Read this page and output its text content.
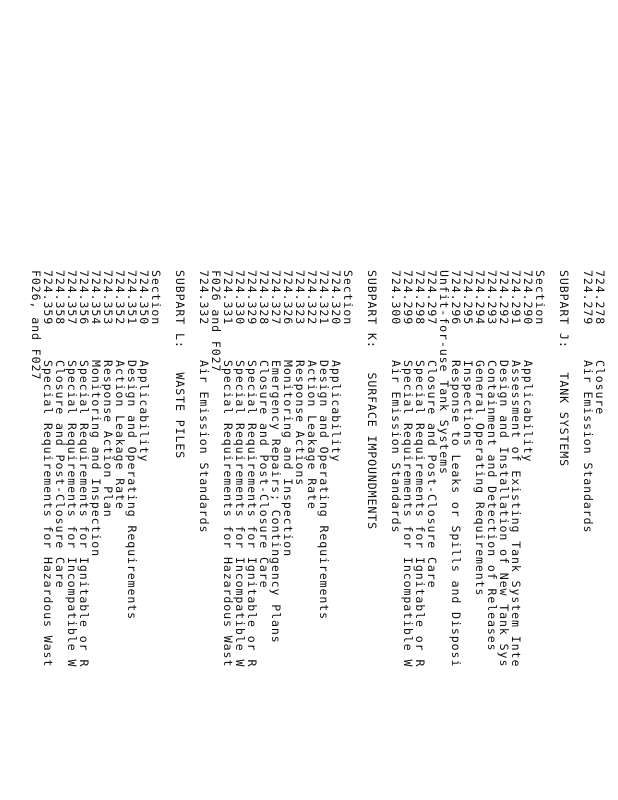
724.278Closure
724.279Air Emission Standards
SUBPART J:   TANK SYSTEMS
Section
724.290Applicability
724.291Assessment of Existing Tank System Inte
724.292Design and Installation of New Tank Sys
724.293Containment and Detection of Releases
724.294General Operating Requirements
724.295Inspections
724.296Response to Leaks or Spills and Disposi
Unfit-for-use Tank Systems
724.297Closure and Post-Closure Care
724.298Special Requirements for Ignitable or R
724.299Special Requirements for Incompatible W
724.300Air Emission Standards
SUBPART K:   SURFACE IMPOUNDMENTS
Section
724.320Applicability
724.321Design and Operating Requirements
724.322Action Leakage Rate
724.323Response Actions
724.326Monitoring and Inspection
724.327Emergency Repairs; Contingency Plans
724.328Closure and Post-Closure Care
724.329Special Requirements for Ignitable or R
724.330Special Requirements for Incompatible W
724.331Special Requirements for Hazardous Wast
F026 and F027
724.332Air Emission Standards
SUBPART L:   WASTE PILES
Section
724.350Applicability
724.351Design and Operating Requirements
724.352Action Leakage Rate
724.353Response Action Plan
724.354Monitoring and Inspection
724.356Special Requirements for Ignitable or R
724.357Special Requirements for Incompatible W
724.358Closure and Post-Closure Care
724.359Special Requirements for Hazardous Wast
F026, and F027
